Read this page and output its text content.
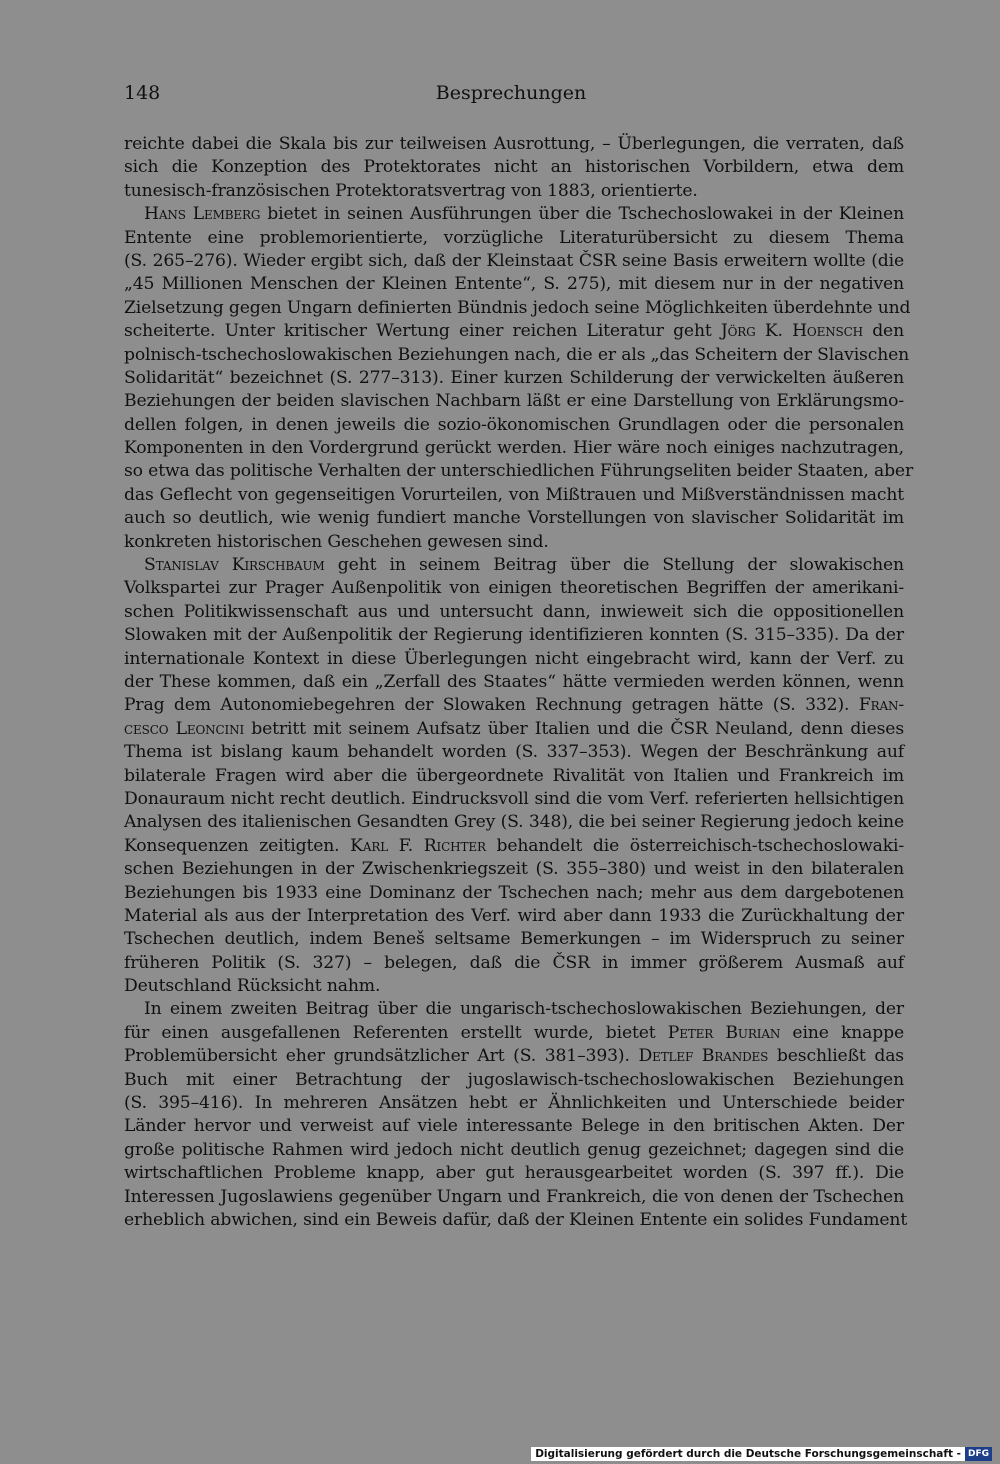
148	Besprechungen
reichte dabei die Skala bis zur teilweisen Ausrottung, – Überlegungen, die verraten, daß
sich die Konzeption des Protektorates nicht an historischen Vorbildern, etwa dem
tunesisch-französischen Protektoratsvertrag von 1883, orientierte.
Hans Lemberg bietet in seinen Ausführungen über die Tschechoslowakei in der Kleinen
Entente eine problemorientierte, vorzügliche Literaturübersicht zu diesem Thema
(S. 265–276). Wieder ergibt sich, daß der Kleinstaat ČSR seine Basis erweitern wollte (die
„45 Millionen Menschen der Kleinen Entente“, S. 275), mit diesem nur in der negativen
Zielsetzung gegen Ungarn definierten Bündnis jedoch seine Möglichkeiten überdehnte und
scheiterte. Unter kritischer Wertung einer reichen Literatur geht Jörg K. Hoensch den
polnisch-tschechoslowakischen Beziehungen nach, die er als „das Scheitern der Slavischen
Solidarität“ bezeichnet (S. 277–313). Einer kurzen Schilderung der verwickelten äußeren
Beziehungen der beiden slavischen Nachbarn läßt er eine Darstellung von Erklärungsmo-
dellen folgen, in denen jeweils die sozio-ökonomischen Grundlagen oder die personalen
Komponenten in den Vordergrund gerückt werden. Hier wäre noch einiges nachzutragen,
so etwa das politische Verhalten der unterschiedlichen Führungseliten beider Staaten, aber
das Geflecht von gegenseitigen Vorurteilen, von Mißtrauen und Mißverständnissen macht
auch so deutlich, wie wenig fundiert manche Vorstellungen von slavischer Solidarität im
konkreten historischen Geschehen gewesen sind.
Stanislav Kirschbaum geht in seinem Beitrag über die Stellung der slowakischen
Volkspartei zur Prager Außenpolitik von einigen theoretischen Begriffen der amerikani-
schen Politikwissenschaft aus und untersucht dann, inwieweit sich die oppositionellen
Slowaken mit der Außenpolitik der Regierung identifizieren konnten (S. 315–335). Da der
internationale Kontext in diese Überlegungen nicht eingebracht wird, kann der Verf. zu
der These kommen, daß ein „Zerfall des Staates“ hätte vermieden werden können, wenn
Prag dem Autonomiebegehren der Slowaken Rechnung getragen hätte (S. 332). Fran-
cesco Leoncini betritt mit seinem Aufsatz über Italien und die ČSR Neuland, denn dieses
Thema ist bislang kaum behandelt worden (S. 337–353). Wegen der Beschränkung auf
bilaterale Fragen wird aber die übergeordnete Rivalität von Italien und Frankreich im
Donauraum nicht recht deutlich. Eindrucksvoll sind die vom Verf. referierten hellsichtigen
Analysen des italienischen Gesandten Grey (S. 348), die bei seiner Regierung jedoch keine
Konsequenzen zeitigten. Karl F. Richter behandelt die österreichisch-tschechoslowaki-
schen Beziehungen in der Zwischenkriegszeit (S. 355–380) und weist in den bilateralen
Beziehungen bis 1933 eine Dominanz der Tschechen nach; mehr aus dem dargebotenen
Material als aus der Interpretation des Verf. wird aber dann 1933 die Zurückhaltung der
Tschechen deutlich, indem Beneš seltsame Bemerkungen – im Widerspruch zu seiner
früheren Politik (S. 327) – belegen, daß die ČSR in immer größerem Ausmaß auf
Deutschland Rücksicht nahm.
In einem zweiten Beitrag über die ungarisch-tschechoslowakischen Beziehungen, der
für einen ausgefallenen Referenten erstellt wurde, bietet Peter Burian eine knappe
Problemübersicht eher grundsätzlicher Art (S. 381–393). Detlef Brandes beschließt das
Buch mit einer Betrachtung der jugoslawisch-tschechoslowakischen Beziehungen
(S. 395–416). In mehreren Ansätzen hebt er Ähnlichkeiten und Unterschiede beider
Länder hervor und verweist auf viele interessante Belege in den britischen Akten. Der
große politische Rahmen wird jedoch nicht deutlich genug gezeichnet; dagegen sind die
wirtschaftlichen Probleme knapp, aber gut herausgearbeitet worden (S. 397 ff.). Die
Interessen Jugoslawiens gegenüber Ungarn und Frankreich, die von denen der Tschechen
erheblich abwichen, sind ein Beweis dafür, daß der Kleinen Entente ein solides Fundament
Digitalisierung gefördert durch die Deutsche Forschungsgemeinschaft - DFG
